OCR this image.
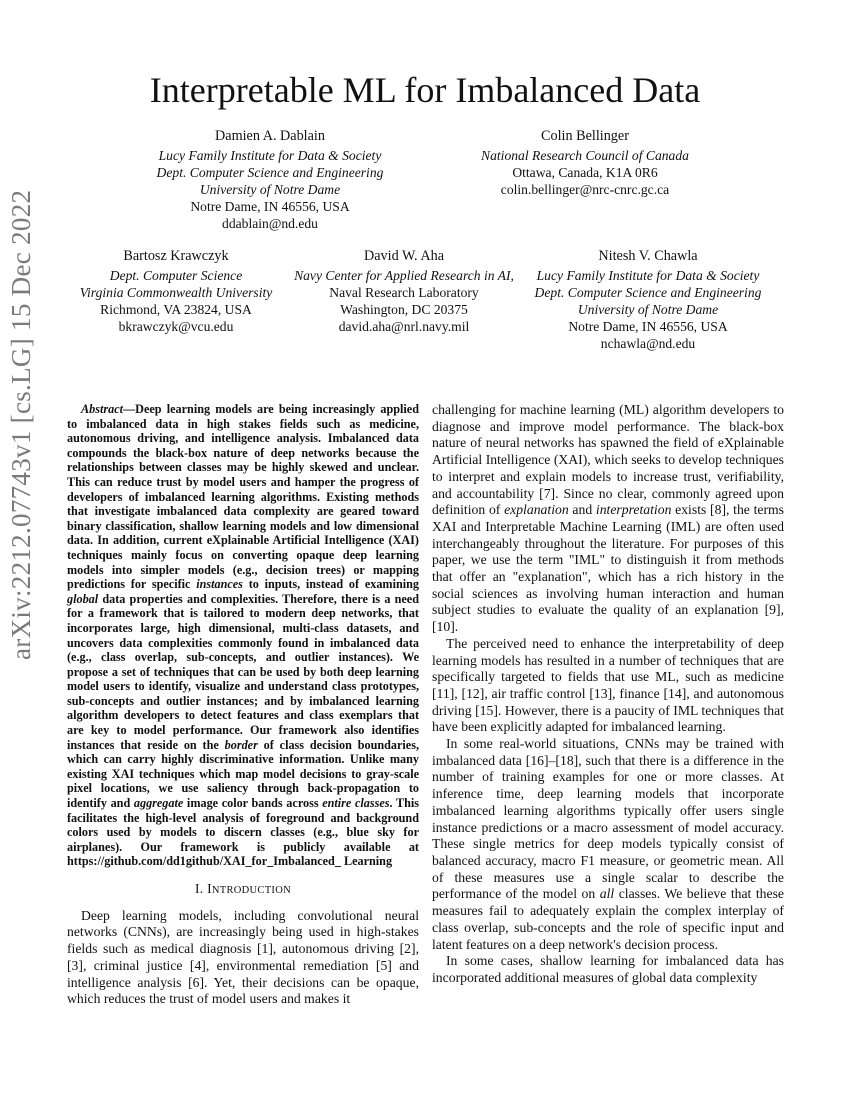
arXiv:2212.07743v1 [cs.LG] 15 Dec 2022
Interpretable ML for Imbalanced Data
Damien A. Dablain
Lucy Family Institute for Data & Society
Dept. Computer Science and Engineering
University of Notre Dame
Notre Dame, IN 46556, USA
ddablain@nd.edu
Colin Bellinger
National Research Council of Canada
Ottawa, Canada, K1A 0R6
colin.bellinger@nrc-cnrc.gc.ca
Bartosz Krawczyk
Dept. Computer Science
Virginia Commonwealth University
Richmond, VA 23824, USA
bkrawczyk@vcu.edu
David W. Aha
Navy Center for Applied Research in AI,
Naval Research Laboratory
Washington, DC 20375
david.aha@nrl.navy.mil
Nitesh V. Chawla
Lucy Family Institute for Data & Society
Dept. Computer Science and Engineering
University of Notre Dame
Notre Dame, IN 46556, USA
nchawla@nd.edu

Abstract—Deep learning models are being increasingly applied to imbalanced data in high stakes fields such as medicine, autonomous driving, and intelligence analysis. Imbalanced data compounds the black-box nature of deep networks because the relationships between classes may be highly skewed and unclear. This can reduce trust by model users and hamper the progress of developers of imbalanced learning algorithms. Existing methods that investigate imbalanced data complexity are geared toward binary classification, shallow learning models and low dimensional data. In addition, current eXplainable Artificial Intelligence (XAI) techniques mainly focus on converting opaque deep learning models into simpler models (e.g., decision trees) or mapping predictions for specific instances to inputs, instead of examining global data properties and complexities. Therefore, there is a need for a framework that is tailored to modern deep networks, that incorporates large, high dimensional, multi-class datasets, and uncovers data complexities commonly found in imbalanced data (e.g., class overlap, sub-concepts, and outlier instances). We propose a set of techniques that can be used by both deep learning model users to identify, visualize and understand class prototypes, sub-concepts and outlier instances; and by imbalanced learning algorithm developers to detect features and class exemplars that are key to model performance. Our framework also identifies instances that reside on the border of class decision boundaries, which can carry highly discriminative information. Unlike many existing XAI techniques which map model decisions to gray-scale pixel locations, we use saliency through back-propagation to identify and aggregate image color bands across entire classes. This facilitates the high-level analysis of foreground and background colors used by models to discern classes (e.g., blue sky for airplanes). Our framework is publicly available at https://github.com/dd1github/XAI_for_Imbalanced_ Learning

I. INTRODUCTION

Deep learning models, including convolutional neural networks (CNNs), are increasingly being used in high-stakes fields such as medical diagnosis [1], autonomous driving [2], [3], criminal justice [4], environmental remediation [5] and intelligence analysis [6]. Yet, their decisions can be opaque, which reduces the trust of model users and makes it

challenging for machine learning (ML) algorithm developers to diagnose and improve model performance. The black-box nature of neural networks has spawned the field of eXplainable Artificial Intelligence (XAI), which seeks to develop techniques to interpret and explain models to increase trust, verifiability, and accountability [7]. Since no clear, commonly agreed upon definition of explanation and interpretation exists [8], the terms XAI and Interpretable Machine Learning (IML) are often used interchangeably throughout the literature. For purposes of this paper, we use the term "IML" to distinguish it from methods that offer an "explanation", which has a rich history in the social sciences as involving human interaction and human subject studies to evaluate the quality of an explanation [9], [10].

The perceived need to enhance the interpretability of deep learning models has resulted in a number of techniques that are specifically targeted to fields that use ML, such as medicine [11], [12], air traffic control [13], finance [14], and autonomous driving [15]. However, there is a paucity of IML techniques that have been explicitly adapted for imbalanced learning.

In some real-world situations, CNNs may be trained with imbalanced data [16]–[18], such that there is a difference in the number of training examples for one or more classes. At inference time, deep learning models that incorporate imbalanced learning algorithms typically offer users single instance predictions or a macro assessment of model accuracy. These single metrics for deep models typically consist of balanced accuracy, macro F1 measure, or geometric mean. All of these measures use a single scalar to describe the performance of the model on all classes. We believe that these measures fail to adequately explain the complex interplay of class overlap, sub-concepts and the role of specific input and latent features on a deep network's decision process.

In some cases, shallow learning for imbalanced data has incorporated additional measures of global data complexity
